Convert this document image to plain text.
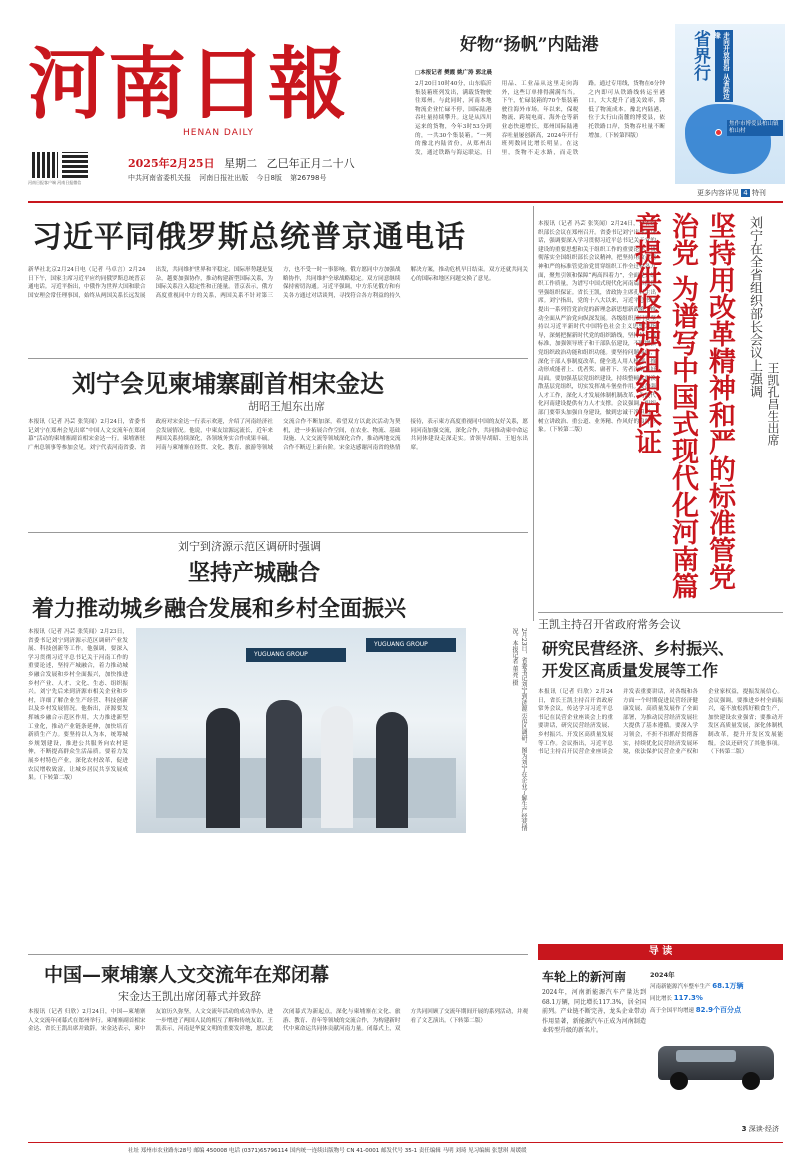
河南日報
HENAN DAILY
河南日报客户端 河南日报微信
2025年2月25日 星期二 乙巳年正月二十八
中共河南省委机关报 河南日报社出版 今日8版 第26798号
好物“扬帆”内陆港
□本报记者 樊霞 姚广涛 郭北晨
2月20日10时40分，山东临沂集装箱班列发出，满载货物驶往郑州。与此同时，河南本地物流企业忙碌不停，国际陆港吞吐量持续攀升。这是从四川运来的货物，今年3时53分到的，一共30个集装箱。“一列的豫北内陆省份，从郑州出发，通过铁路与海运联运，日用品、工业品从这里走向海外，这些订单排得满满当当。下午，忙碌装箱的70个集装箱驶往海外市场。年以来，保税物流、跨境电商、海外仓等新业态快速增长，郑州国际陆港吞吐量屡创新高，2024年开行班列数同比增长明显。在这里，货物不走水路，而走铁路。通过专用线，货物在6分钟之内即可从铁路线转运至港口，大大提升了通关效率，降低了物流成本。豫北内陆港，位于太行山南麓的博爱县，依托铁路口岸，货物吞吐量不断增加。（下转第四版）
省界行	走向开放前沿 从省际边缘
焦作市博爱县柏山镇柏山村
更多内容详见 4 特刊
习近平同俄罗斯总统普京通电话
新华社北京2月24日电（记者 马卓言）2月24日下午，国家主席习近平应约同俄罗斯总统普京通电话。习近平指出，中俄作为世界大国和联合国安理会常任理事国，始终从两国关系长远发展出发，共同维护世界和平稳定。国际形势越是复杂，越要加强协作，推动构建新型国际关系，为国际关系注入稳定性和正能量。普京表示，俄方高度重视同中方的关系，两国关系不针对第三方，也不受一时一事影响。俄方愿同中方加强战略协作，共同维护全球战略稳定。双方同意继续保持密切沟通。习近平强调，中方乐见俄方和有关各方通过对话谈判，寻找符合各方利益的持久解决方案，推动危机早日结束。双方还就共同关心的国际和地区问题交换了意见。
本报讯（记者 冯芸 张笑闻）2月24日，全省组织部长会议在郑州召开。省委书记刘宁出席并讲话，强调要深入学习贯彻习近平总书记关于党的建设的重要思想和关于组织工作的重要论述，贯彻落实全国组织部长会议精神，把坚持用改革精神和严的标准管党治党贯穿组织工作全过程各方面，聚焦引领和保障“两高四着力”，全面提升组织工作质量，为谱写中国式现代化河南篇章提供坚强组织保证。省长王凯，省政协主席孔昌生出席。刘宁指出，党的十八大以来，习近平总书记提出一系列管党治党的新理念新思想新战略，推动全面从严治党向纵深发展。各级组织部门要坚持以习近平新时代中国特色社会主义思想为指导，深刻把握新时代党的组织路线，坚持好干部标准，加强领导班子和干部队伍建设，不断增强党组织政治功能和组织功能。要坚持问题导向，深化干部人事制度改革，健全选人用人机制，推动形成能者上、优者奖、庸者下、劣者汰的良好局面。要加强基层党组织建设，持续整顿软弱涣散基层党组织，切实发挥战斗堡垒作用。要加强人才工作，深化人才发展体制机制改革，为现代化河南建设提供有力人才支撑。会议强调，组织部门要带头加强自身建设，做到忠诚干净担当，树立讲政治、重公道、业务精、作风好的良好形象。（下转第二版）	坚持用改革精神和严的标准管党治党 为谱写中国式现代化河南篇章提供坚强组织保证	刘宁在全省组织部长会议上强调
王凯孔昌生出席
刘宁会见柬埔寨副首相宋金达
胡昭王旭东出席
本报讯（记者 冯芸 张笑闻）2月24日，省委书记刘宁在郑州会见出席“中国人文交流年在郑闭幕”活动的柬埔寨副首相宋金达一行。柬埔寨驻广州总领事等参加会见。刘宁代表河南省委、省政府对宋金达一行表示欢迎，介绍了河南经济社会发展情况。他说，中柬友谊源远流长，近年来两国关系持续深化，各领域务实合作成果丰硕。河南与柬埔寨在经贸、文化、教育、旅游等领域交流合作不断加深，希望双方以此次活动为契机，进一步拓展合作空间，在农业、物流、基础设施、人文交流等领域深化合作，推动两地交流合作不断迈上新台阶。宋金达感谢河南省的热情接待，表示柬方高度重视同中国的友好关系，愿同河南加强交流，深化合作，共同推动柬中命运共同体建设走深走实。省领导胡昭、王旭东出席。
刘宁到济源示范区调研时强调
坚持产城融合
着力推动城乡融合发展和乡村全面振兴
本报讯（记者 冯芸 张笑闻）2月23日，省委书记刘宁到济源示范区调研产业发展、科技创新等工作。他强调，要深入学习贯彻习近平总书记关于河南工作的重要论述，坚持产城融合，着力推动城乡融合发展和乡村全面振兴，加快推进乡村产业、人才、文化、生态、组织振兴。刘宁先后来到济源市相关企业和乡村，详细了解企业生产经营、科技创新以及乡村发展情况。他指出，济源要发挥城乡融合示范区作用，大力推进新型工业化，推动产业链条延伸，加快培育新质生产力。要坚持以人为本，统筹城乡规划建设，推进公共服务向农村延伸，不断提高群众生活品质。要着力发展乡村特色产业，深化农村改革，促进农民增收致富，让城乡居民共享发展成果。（下转第二版）
YUGUANG GROUP
YUGUANG GROUP	2月23日，省委书记刘宁到济源示范区调研。图为刘宁在企业了解生产经营情况。本报记者 董亮 摄
王凯主持召开省政府常务会议
研究民营经济、乡村振兴、
开发区高质量发展等工作
本报讯（记者 归欣）2月24日，省长王凯主持召开省政府常务会议，传达学习习近平总书记在民营企业座谈会上的重要讲话，研究民营经济发展、乡村振兴、开发区高质量发展等工作。会议指出，习近平总书记主持召开民营企业座谈会并发表重要讲话，对各级和各方面一个时期促进民营经济健康发展、高质量发展作了全面部署，为推动民营经济发展壮大提供了基本遵循。要深入学习领会，不折不扣抓好贯彻落实，持续优化民营经济发展环境，依法保护民营企业产权和企业家权益，提振发展信心。会议强调，要推进乡村全面振兴，毫不放松抓好粮食生产，加快建设农业强省；要推动开发区高质量发展，深化体制机制改革，提升开发区发展能级。会议还研究了其他事项。（下转第二版）
中国—柬埔寨人文交流年在郑闭幕
宋金达王凯出席闭幕式并致辞
本报讯（记者 归欣）2月24日，中国—柬埔寨人文交流年闭幕式在郑州举行。柬埔寨副首相宋金达、省长王凯出席并致辞。宋金达表示，柬中友谊历久弥坚，人文交流年活动的成功举办，进一步增进了两国人民的相互了解和传统友谊。王凯表示，河南是华夏文明的重要发祥地，愿以此次闭幕式为新起点，深化与柬埔寨在文化、旅游、教育、青年等领域的交流合作，为构建新时代中柬命运共同体贡献河南力量。闭幕式上，双方共同回顾了交流年期间开展的系列活动，并观看了文艺演出。（下转第二版）
导 读
车轮上的新河南
2024年，河南新能源汽车产量达到68.1万辆，同比增长117.3%，居全国前列。产业链不断完善，龙头企业带动作用显著，新能源汽车正成为河南制造业转型升级的新名片。
2024年
河南新能源汽车整车生产 68.1万辆
同比增长 117.3%
高于全国平均增速 82.9个百分点
3 深读·经济
社址 郑州市农业路东28号 邮编 450008 电话 (0371)65796114 国内统一连续出版物号 CN 41-0001 邮发代号 35-1 责任编辑 马明 刘琦 见习编辑 张慧琪 周缓缓
